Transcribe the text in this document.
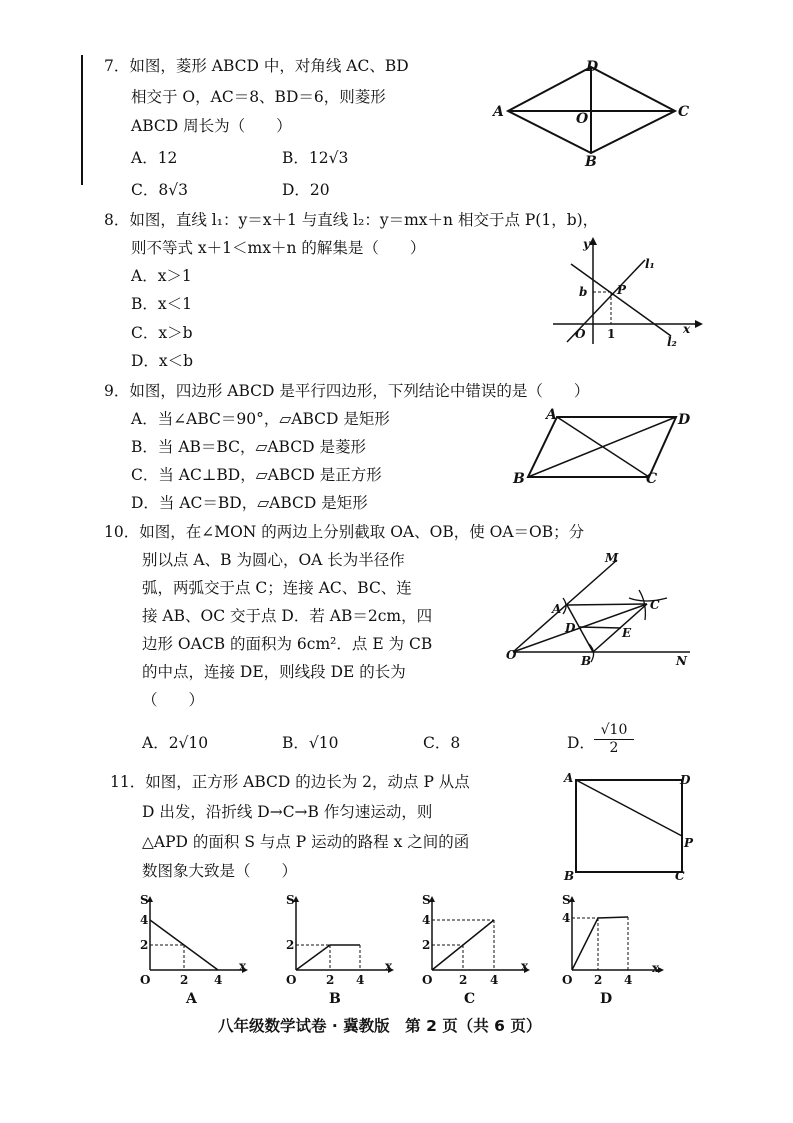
7．如图，菱形 ABCD 中，对角线 AC、BD
相交于 O，AC＝8、BD＝6，则菱形
ABCD 周长为（　　）
A．12	B．12√3
C．8√3	D．20
A
D
C
B
O
8．如图，直线 l₁：y＝x＋1 与直线 l₂：y＝mx＋n 相交于点 P(1，b)，
则不等式 x＋1＜mx＋n 的解集是（　　）
A．x＞1
B．x＜1
C．x＞b
D．x＜b
y
x
O 1
b P
l₁
l₂
9．如图，四边形 ABCD 是平行四边形，下列结论中错误的是（　　）
A．当∠ABC＝90°，▱ABCD 是矩形
B．当 AB＝BC，▱ABCD 是菱形
C．当 AC⊥BD，▱ABCD 是正方形
D．当 AC＝BD，▱ABCD 是矩形
A	D
B	C
10．如图，在∠MON 的两边上分别截取 OA、OB，使 OA＝OB；分
别以点 A、B 为圆心，OA 长为半径作
弧，两弧交于点 C；连接 AC、BC、连
接 AB、OC 交于点 D．若 AB＝2cm，四
边形 OACB 的面积为 6cm²．点 E 为 CB
的中点，连接 DE，则线段 DE 的长为
（　　）
A．2√10	B．√10	C．8	D． $\frac{√10}{2}$
M
N
O
A
B
C
D	E
11．如图，正方形 ABCD 的边长为 2，动点 P 从点
D 出发，沿折线 D→C→B 作匀速运动，则
△APD 的面积 S 与点 P 运动的路程 x 之间的函
数图象大致是（　　）
A	D
B	C
P
S
x
O
4
2
2 4
A
S
x
O
2
2 4
B
S
x
O
4
2
2 4
C
S
x
O
4
2 4
D
八年级数学试卷 · 冀教版　第 2 页（共 6 页）
